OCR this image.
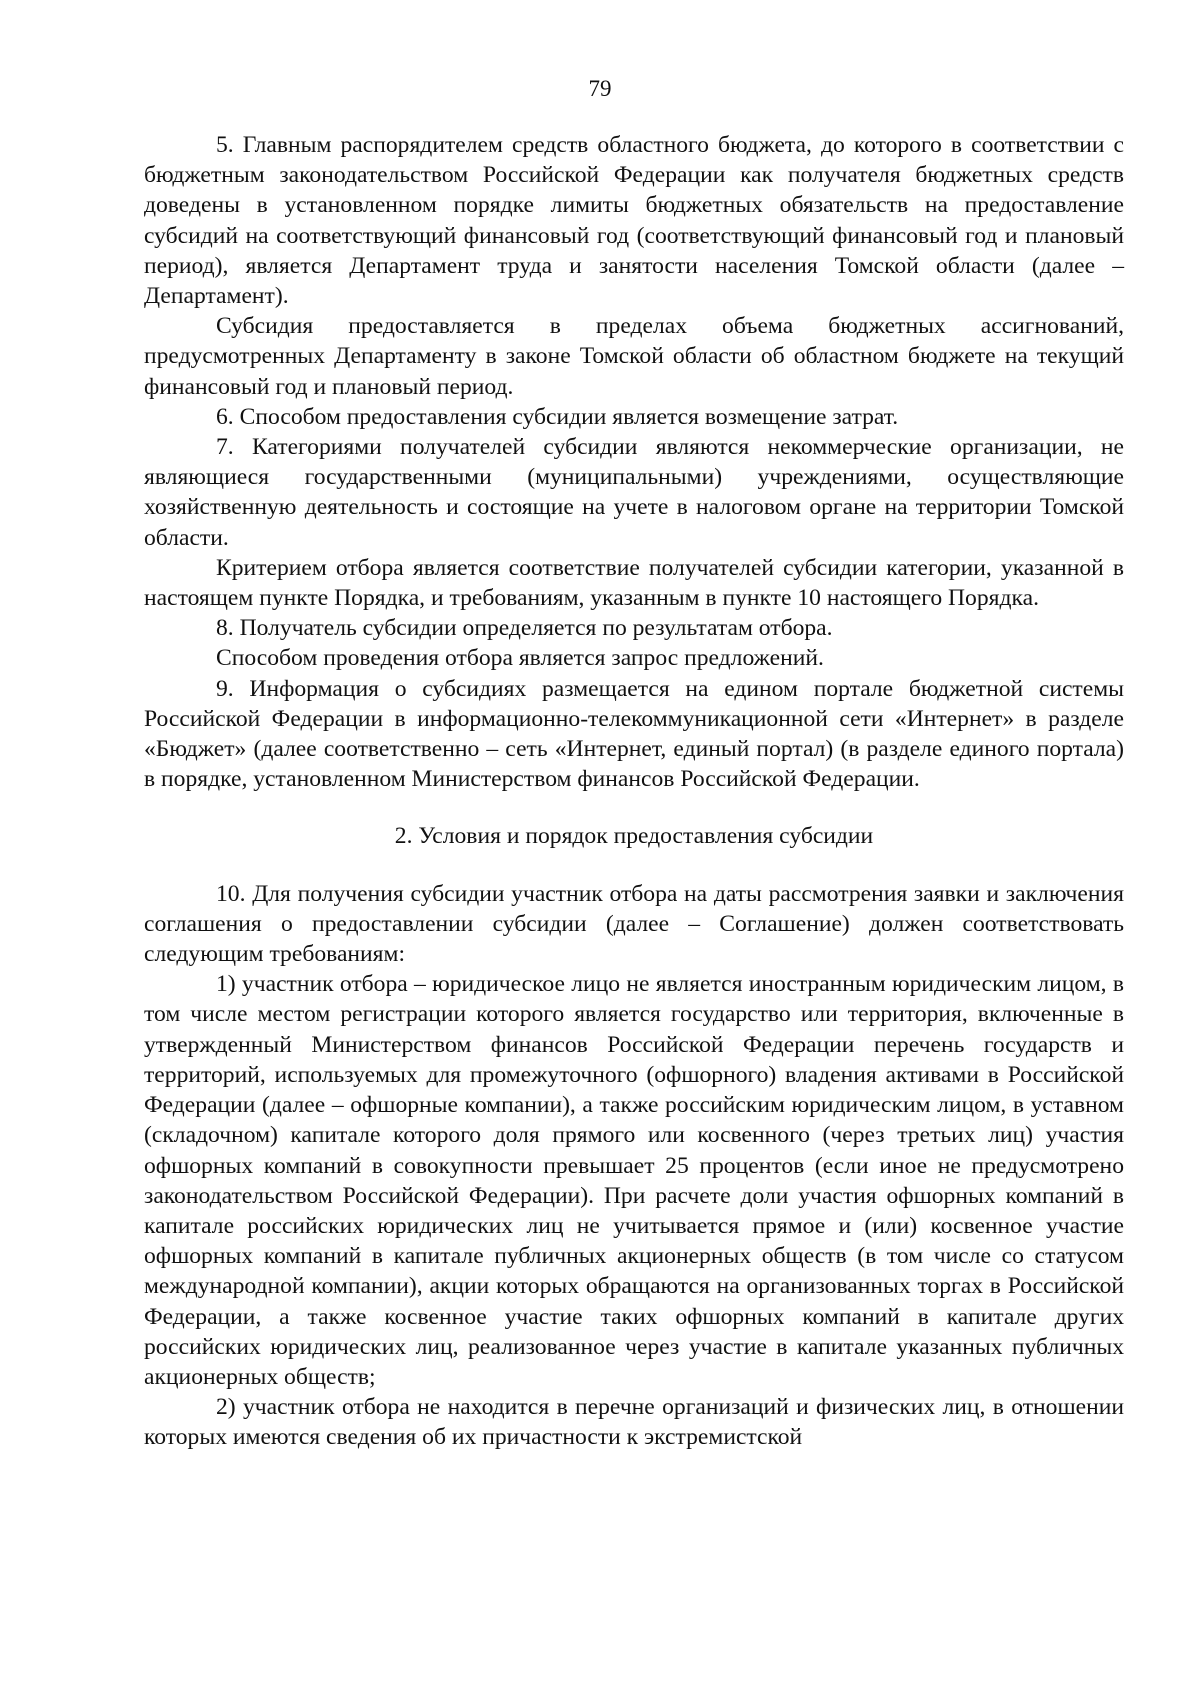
79

5. Главным распорядителем средств областного бюджета, до которого в соответствии с бюджетным законодательством Российской Федерации как получателя бюджетных средств доведены в установленном порядке лимиты бюджетных обязательств на предоставление субсидий на соответствующий финансовый год (соответствующий финансовый год и плановый период), является Департамент труда и занятости населения Томской области (далее – Департамент).

Субсидия предоставляется в пределах объема бюджетных ассигнований, предусмотренных Департаменту в законе Томской области об областном бюджете на текущий финансовый год и плановый период.

6. Способом предоставления субсидии является возмещение затрат.

7. Категориями получателей субсидии являются некоммерческие организации, не являющиеся государственными (муниципальными) учреждениями, осуществляющие хозяйственную деятельность и состоящие на учете в налоговом органе на территории Томской области.

Критерием отбора является соответствие получателей субсидии категории, указанной в настоящем пункте Порядка, и требованиям, указанным в пункте 10 настоящего Порядка.

8. Получатель субсидии определяется по результатам отбора.

Способом проведения отбора является запрос предложений.

9. Информация о субсидиях размещается на едином портале бюджетной системы Российской Федерации в информационно-телекоммуникационной сети «Интернет» в разделе «Бюджет» (далее соответственно – сеть «Интернет, единый портал) (в разделе единого портала) в порядке, установленном Министерством финансов Российской Федерации.

2. Условия и порядок предоставления субсидии

10. Для получения субсидии участник отбора на даты рассмотрения заявки и заключения соглашения о предоставлении субсидии (далее – Соглашение) должен соответствовать следующим требованиям:

1) участник отбора – юридическое лицо не является иностранным юридическим лицом, в том числе местом регистрации которого является государство или территория, включенные в утвержденный Министерством финансов Российской Федерации перечень государств и территорий, используемых для промежуточного (офшорного) владения активами в Российской Федерации (далее – офшорные компании), а также российским юридическим лицом, в уставном (складочном) капитале которого доля прямого или косвенного (через третьих лиц) участия офшорных компаний в совокупности превышает 25 процентов (если иное не предусмотрено законодательством Российской Федерации). При расчете доли участия офшорных компаний в капитале российских юридических лиц не учитывается прямое и (или) косвенное участие офшорных компаний в капитале публичных акционерных обществ (в том числе со статусом международной компании), акции которых обращаются на организованных торгах в Российской Федерации, а также косвенное участие таких офшорных компаний в капитале других российских юридических лиц, реализованное через участие в капитале указанных публичных акционерных обществ;

2) участник отбора не находится в перечне организаций и физических лиц, в отношении которых имеются сведения об их причастности к экстремистской
